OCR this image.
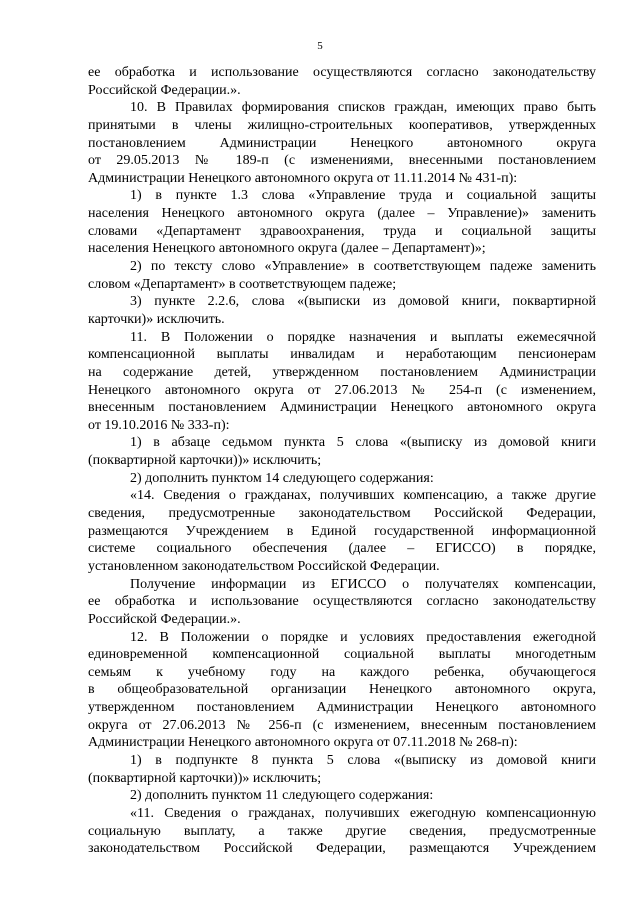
5
ее обработка и использование осуществляются согласно законодательству
Российской Федерации.».
10. В Правилах формирования списков граждан, имеющих право быть
принятыми в члены жилищно-строительных кооперативов, утвержденных
постановлением Администрации Ненецкого автономного округа
от 29.05.2013 № 189-п (с изменениями, внесенными постановлением
Администрации Ненецкого автономного округа от 11.11.2014 № 431-п):
1) в пункте 1.3 слова «Управление труда и социальной защиты
населения Ненецкого автономного округа (далее – Управление)» заменить
словами «Департамент здравоохранения, труда и социальной защиты
населения Ненецкого автономного округа (далее – Департамент)»;
2) по тексту слово «Управление» в соответствующем падеже заменить
словом «Департамент» в соответствующем падеже;
3) пункте 2.2.6, слова «(выписки из домовой книги, поквартирной
карточки)» исключить.
11. В Положении о порядке назначения и выплаты ежемесячной
компенсационной выплаты инвалидам и неработающим пенсионерам
на содержание детей, утвержденном постановлением Администрации
Ненецкого автономного округа от 27.06.2013 № 254-п (с изменением,
внесенным постановлением Администрации Ненецкого автономного округа
от 19.10.2016 № 333-п):
1) в абзаце седьмом пункта 5 слова «(выписку из домовой книги
(поквартирной карточки))» исключить;
2) дополнить пунктом 14 следующего содержания:
«14. Сведения о гражданах, получивших компенсацию, а также другие
сведения, предусмотренные законодательством Российской Федерации,
размещаются Учреждением в Единой государственной информационной
системе социального обеспечения (далее – ЕГИССО) в порядке,
установленном законодательством Российской Федерации.
Получение информации из ЕГИССО о получателях компенсации,
ее обработка и использование осуществляются согласно законодательству
Российской Федерации.».
12. В Положении о порядке и условиях предоставления ежегодной
единовременной компенсационной социальной выплаты многодетным
семьям к учебному году на каждого ребенка, обучающегося
в общеобразовательной организации Ненецкого автономного округа,
утвержденном постановлением Администрации Ненецкого автономного
округа от 27.06.2013 № 256-п (с изменением, внесенным постановлением
Администрации Ненецкого автономного округа от 07.11.2018 № 268-п):
1) в подпункте 8 пункта 5 слова «(выписку из домовой книги
(поквартирной карточки))» исключить;
2) дополнить пунктом 11 следующего содержания:
«11. Сведения о гражданах, получивших ежегодную компенсационную
социальную выплату, а также другие сведения, предусмотренные
законодательством Российской Федерации, размещаются Учреждением
